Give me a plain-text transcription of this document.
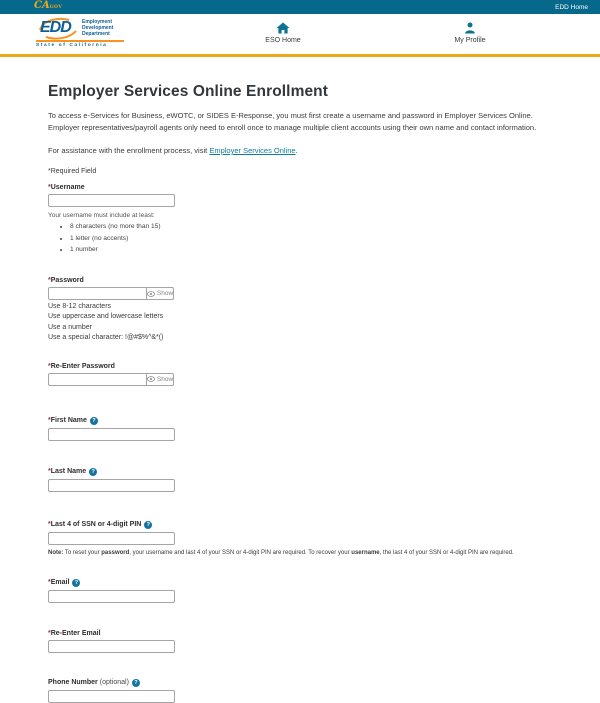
CAGOV	EDD Home
EDD Employment
Development
Department
State of California
ESO Home	My Profile
Employer Services Online Enrollment

To access e-Services for Business, eWOTC, or SIDES E-Response, you must first create a username and password in Employer Services Online. Employer representatives/payroll agents only need to enroll once to manage multiple client accounts using their own name and contact information.

For assistance with the enrollment process, visit Employer Services Online.

*Required Field

*Username
Your username must include at least:
• 8 characters (no more than 15)
• 1 letter (no accents)
• 1 number
*Password
Show
Use 8-12 characters
Use uppercase and lowercase letters
Use a number
Use a special character: !@#$%^&*()
*Re-Enter Password
Show
*First Name ?
*Last Name ?
*Last 4 of SSN or 4-digit PIN ?

Note: To reset your password, your username and last 4 of your SSN or 4-digit PIN are required. To recover your username, the last 4 of your SSN or 4-digit PIN are required.

*Email ?
*Re-Enter Email
Phone Number (optional) ?
